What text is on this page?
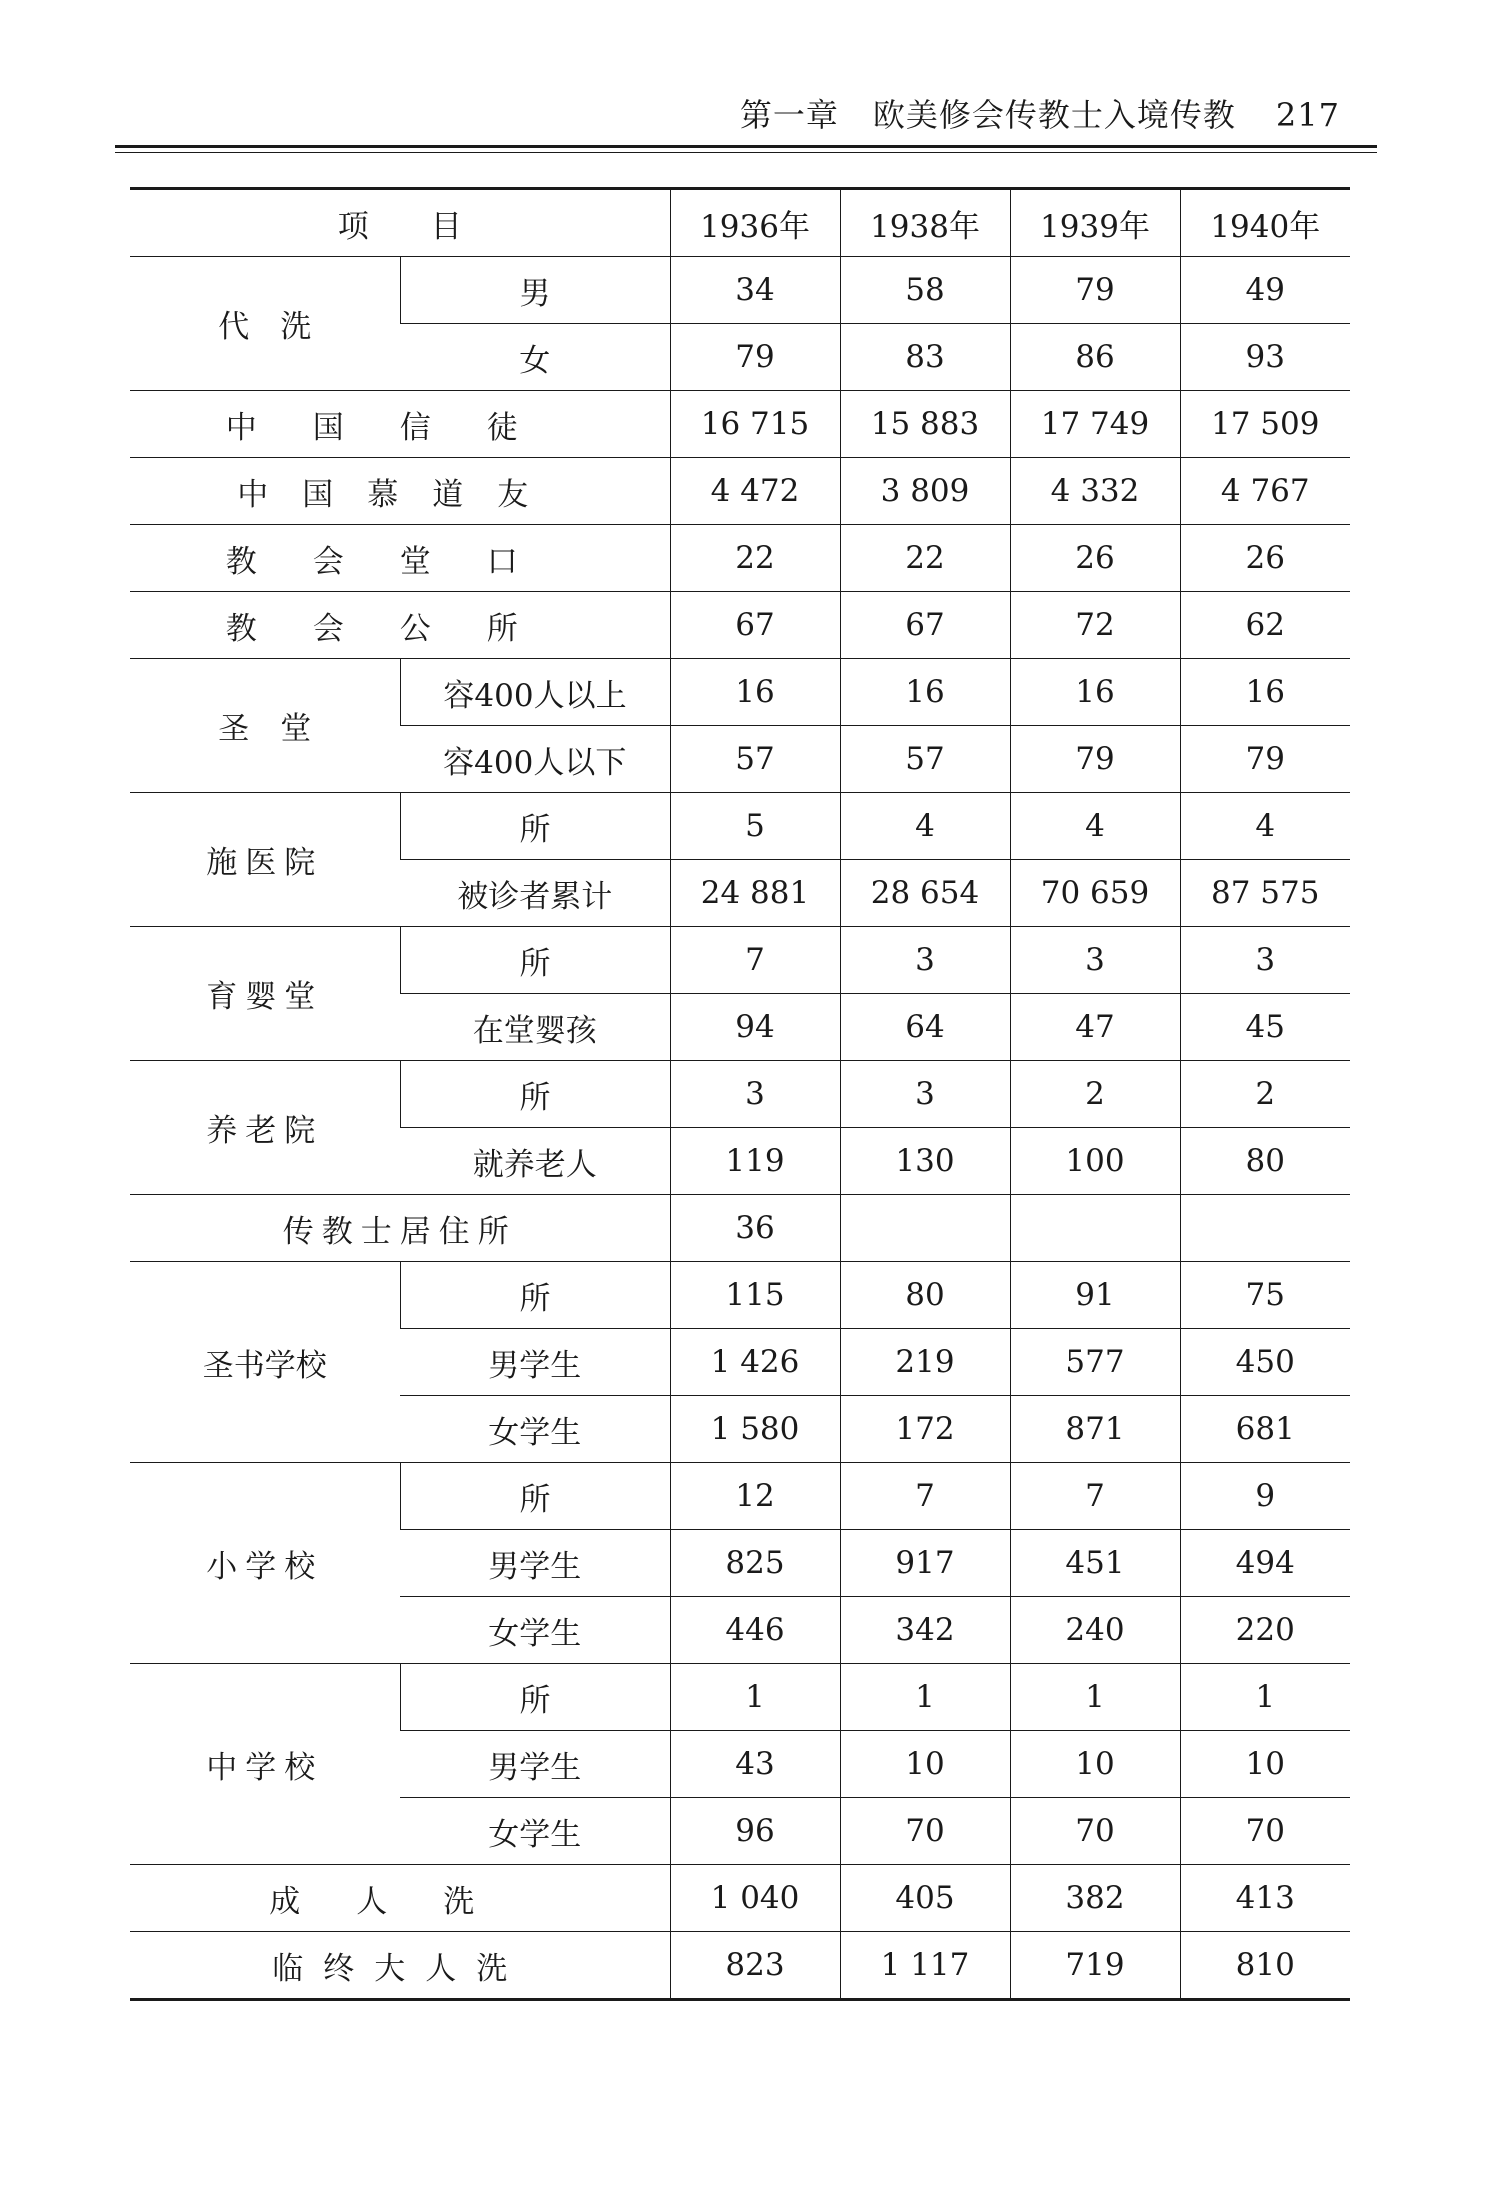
第一章 欧美修会传教士入境传教 217
项　　目		1936年	1938年	1939年	1940年
代　洗	男	34	58	79	49
	女	79	83	86	93
中国信徒		16 715	15 883	17 749	17 509
中国慕道友		4 472	3 809	4 332	4 767
教会堂口		22	22	26	26
教会公所		67	67	72	62
圣　堂	容400人以上	16	16	16	16
	容400人以下	57	57	79	79
施医院	所	5	4	4	4
	被诊者累计	24 881	28 654	70 659	87 575
育婴堂	所	7	3	3	3
	在堂婴孩	94	64	47	45
养老院	所	3	3	2	2
	就养老人	119	130	100	80
传教士居住所		36			
圣书学校	所	115	80	91	75
	男学生	1 426	219	577	450
	女学生	1 580	172	871	681
小学校	所	12	7	7	9
	男学生	825	917	451	494
	女学生	446	342	240	220
中学校	所	1	1	1	1
	男学生	43	10	10	10
	女学生	96	70	70	70
成人洗		1 040	405	382	413
临终大人洗		823	1 117	719	810
